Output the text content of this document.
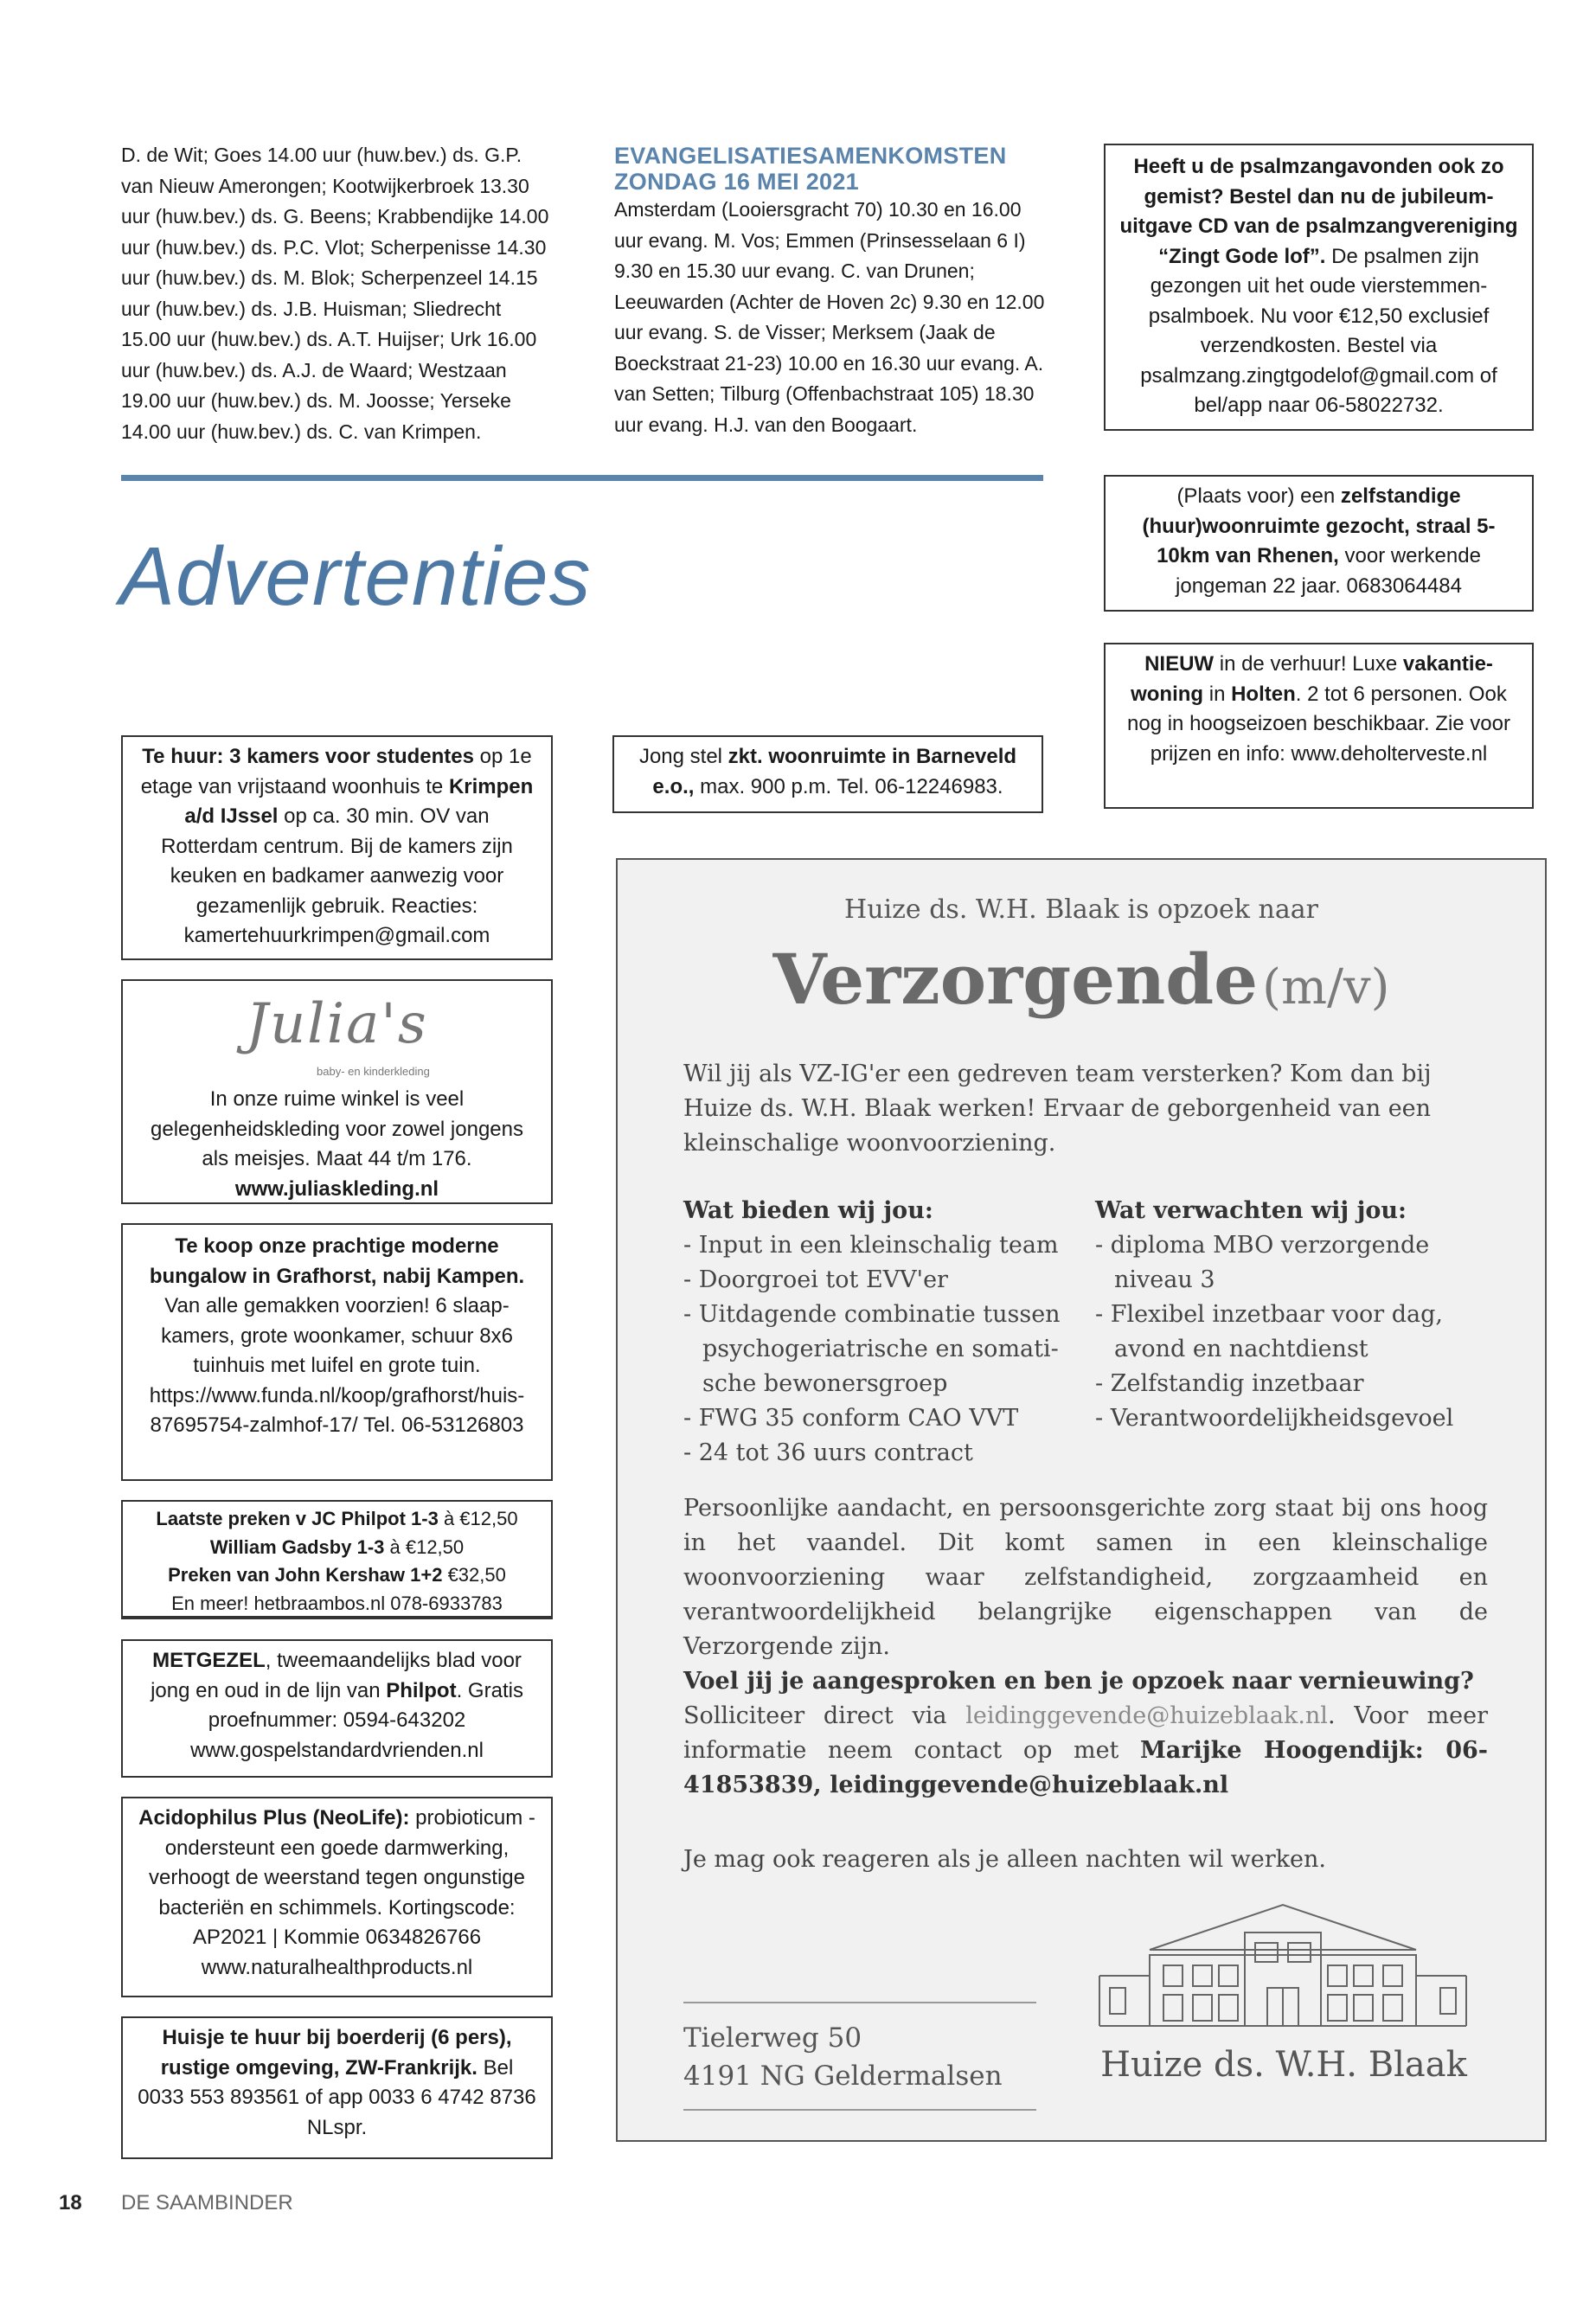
D. de Wit; Goes 14.00 uur (huw.bev.) ds. G.P. van Nieuw Amerongen; Kootwijkerbroek 13.30 uur (huw.bev.) ds. G. Beens; Krabbendijke 14.00 uur (huw.bev.) ds. P.C. Vlot; Scherpenisse 14.30 uur (huw.bev.) ds. M. Blok; Scherpenzeel 14.15 uur (huw.bev.) ds. J.B. Huisman; Sliedrecht 15.00 uur (huw.bev.) ds. A.T. Huijser; Urk 16.00 uur (huw.bev.) ds. A.J. de Waard; Westzaan 19.00 uur (huw.bev.) ds. M. Joosse; Yerseke 14.00 uur (huw.bev.) ds. C. van Krimpen.
EVANGELISATIESAMENKOMSTEN
ZONDAG 16 MEI 2021
Amsterdam (Looiersgracht 70) 10.30 en 16.00 uur evang. M. Vos; Emmen (Prinsesselaan 6 I) 9.30 en 15.30 uur evang. C. van Drunen; Leeuwarden (Achter de Hoven 2c) 9.30 en 12.00 uur evang. S. de Visser; Merksem (Jaak de Boeckstraat 21-23) 10.00 en 16.30 uur evang. A. van Setten; Tilburg (Offenbachstraat 105) 18.30 uur evang. H.J. van den Boogaart.

Heeft u de psalmzangavonden ook zo gemist? Bestel dan nu de jubileum-uitgave CD van de psalmzangvereniging “Zingt Gode lof”. De psalmen zijn gezongen uit het oude vierstemmen-psalmboek. Nu voor €12,50 exclusief verzendkosten. Bestel via psalmzang.zingtgodelof@gmail.com of bel/app naar 06-58022732.

Advertenties

(Plaats voor) een zelfstandige (huur)woonruimte gezocht, straal 5-10km van Rhenen, voor werkende jongeman 22 jaar. 0683064484

NIEUW in de verhuur! Luxe vakantie-woning in Holten. 2 tot 6 personen. Ook nog in hoogseizoen beschikbaar. Zie voor prijzen en info: www.deholterveste.nl

Te huur: 3 kamers voor studentes op 1e etage van vrijstaand woonhuis te Krimpen a/d IJssel op ca. 30 min. OV van Rotterdam centrum. Bij de kamers zijn keuken en badkamer aanwezig voor gezamenlijk gebruik. Reacties: kamertehuurkrimpen@gmail.com

Jong stel zkt. woonruimte in Barneveld e.o., max. 900 p.m. Tel. 06-12246983.

Julia's
baby- en kinderkleding

In onze ruime winkel is veel gelegenheidskleding voor zowel jongens als meisjes. Maat 44 t/m 176.

www.juliaskleding.nl

Te koop onze prachtige moderne bungalow in Grafhorst, nabij Kampen. Van alle gemakken voorzien! 6 slaap-kamers, grote woonkamer, schuur 8x6 tuinhuis met luifel en grote tuin. https://www.funda.nl/koop/grafhorst/huis-87695754-zalmhof-17/ Tel. 06-53126803

Laatste preken v JC Philpot 1-3 à €12,50

William Gadsby 1-3 à €12,50

Preken van John Kershaw 1+2 €32,50

En meer! hetbraambos.nl 078-6933783

METGEZEL, tweemaandelijks blad voor jong en oud in de lijn van Philpot. Gratis proefnummer: 0594-643202 www.gospelstandardvrienden.nl

Acidophilus Plus (NeoLife): probioticum - ondersteunt een goede darmwerking, verhoogt de weerstand tegen ongunstige bacteriën en schimmels. Kortingscode: AP2021 | Kommie 0634826766 www.naturalhealthproducts.nl

Huisje te huur bij boerderij (6 pers), rustige omgeving, ZW-Frankrijk. Bel 0033 553 893561 of app 0033 6 4742 8736 NLspr.

Huize ds. W.H. Blaak is opzoek naar
Verzorgende (m/v)
Wil jij als VZ-IG'er een gedreven team versterken? Kom dan bij Huize ds. W.H. Blaak werken! Ervaar de geborgenheid van een kleinschalige woonvoorziening.
Wat bieden wij jou:
- Input in een kleinschalig team
- Doorgroei tot EVV'er
- Uitdagende combinatie tussen psychogeriatrische en somati-sche bewonersgroep
- FWG 35 conform CAO VVT
- 24 tot 36 uurs contract
Wat verwachten wij jou:
- diploma MBO verzorgende niveau 3
- Flexibel inzetbaar voor dag, avond en nachtdienst
- Zelfstandig inzetbaar
- Verantwoordelijkheidsgevoel
Persoonlijke aandacht, en persoonsgerichte zorg staat bij ons hoog in het vaandel. Dit komt samen in een kleinschalige woonvoorziening waar zelfstandigheid, zorgzaamheid en verantwoordelijkheid belangrijke eigenschappen van de Verzorgende zijn.
Voel jij je aangesproken en ben je opzoek naar vernieuwing?
Solliciteer direct via leidinggevende@huizeblaak.nl. Voor meer informatie neem contact op met Marijke Hoogendijk: 06-41853839, leidinggevende@huizeblaak.nl
Je mag ook reageren als je alleen nachten wil werken.
Tielerweg 50
4191 NG Geldermalsen	Huize ds. W.H. Blaak
18 DE SAAMBINDER
